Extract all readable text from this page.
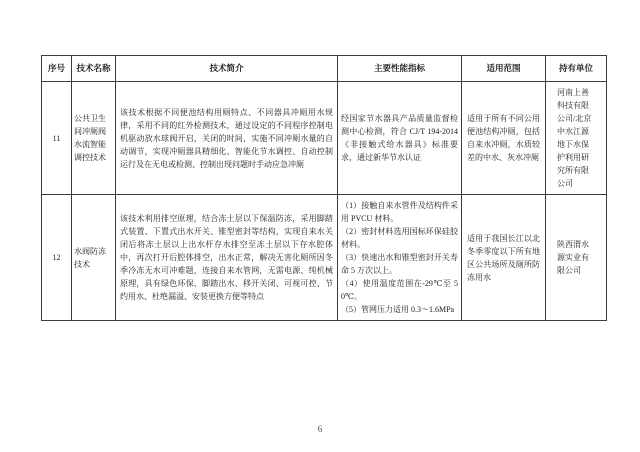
序号	技术名称	技术简介	主要性能指标	适用范围	持有单位
11	公共卫生间冲厕阀水流智能调控技术	该技术根据不同便池结构用厕特点、不同器具冲厕用水规律，采用不同的红外检测技术，通过设定的不同程序控制电机驱动放水球阀开启、关闭的时间，实施不同冲厕水量的自动调节，实现冲厕器具精细化、智能化节水调控、自动控制运行及在无电或检测、控制出现问题时手动应急冲厕	经国家节水器具产品质量监督检测中心检测，符合 CJ/T 194-2014《非接触式给水器具》标准要求，通过新华节水认证	适用于所有不同公用便池结构冲厕，包括自来水冲厕，水质较差的中水、灰水冲厕	河南上善科技有限公司/北京中水江源地下水保护利用研究所有限公司

12	水阀防冻技术	该技术利用排空原理，结合冻土层以下保温防冻，采用脚踏式装置、下置式出水开关、锥型密封等结构，实现自来水关闭后将冻土层以上出水杆存水排空至冻土层以下存水腔体中，再次打开后腔体排空，出水正常，解决无害化厕所因冬季冷冻无水可冲难题，连接自来水管网，无需电源、纯机械原理，具有绿色环保、脚踏出水、移开关闭、可视可控、节约用水、杜绝漏溢、安装更换方便等特点	（1）接触自来水管件及结构件采用 PVCU 材料。

（2）密封材料选用国标环保硅胶材料。

（3）快速出水和锥型密封开关寿命 5 万次以上。

（4）使用温度范围在-29℃至 50℃。

（5）管网压力适用 0.3～1.6MPa	适用于我国长江以北冬季零度以下所有地区公共场所及厕所防冻用水	陕西渭水源实业有限公司
6
